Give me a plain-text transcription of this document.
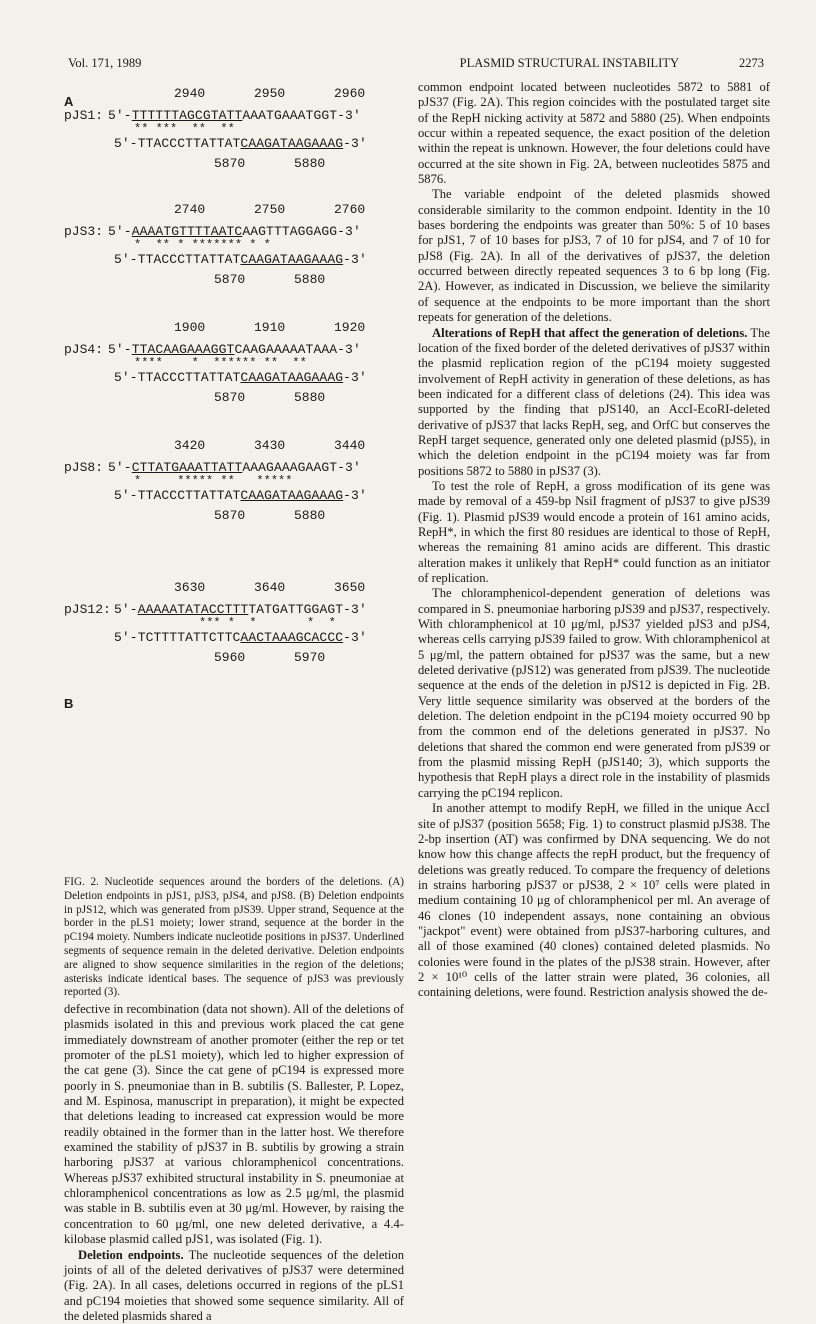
Vol. 171, 1989	PLASMID STRUCTURAL INSTABILITY	2273
A
B
2940	2950	2960
pJS1: 5'-TTTTTTAGCGTATTAAATGAAATGGT-3'
** ***  **  **
5'-TTACCCTTATTATCAAGATAAGAAAG-3'
5870	5880
2740	2750	2760
pJS3: 5'-AAAATGTTTTAATCAAGTTTAGGAGG-3'
*  ** * ******* * *
5'-TTACCCTTATTATCAAGATAAGAAAG-3'
5870	5880
1900	1910	1920
pJS4: 5'-TTACAAGAAAGGTCAAGAAAAATAAA-3'
****    *  ****** **  **
5'-TTACCCTTATTATCAAGATAAGAAAG-3'
5870	5880
3420	3430	3440
pJS8: 5'-CTTATGAAATTATTAAAGAAAGAAGT-3'
*     ***** **   *****
5'-TTACCCTTATTATCAAGATAAGAAAG-3'
5870	5880
3630	3640	3650
pJS12: 5'-AAAAATATACCTTTTATGATTGGAGT-3'
*** *  *       *  *
5'-TCTTTTATTCTTCAACTAAAGCACCC-3'
5960	5970
FIG. 2. Nucleotide sequences around the borders of the deletions. (A) Deletion endpoints in pJS1, pJS3, pJS4, and pJS8. (B) Deletion endpoints in pJS12, which was generated from pJS39. Upper strand, Sequence at the border in the pLS1 moiety; lower strand, sequence at the border in the pC194 moiety. Numbers indicate nucleotide positions in pJS37. Underlined segments of sequence remain in the deleted derivative. Deletion endpoints are aligned to show sequence similarities in the region of the deletions; asterisks indicate identical bases. The sequence of pJS3 was previously reported (3).

defective in recombination (data not shown). All of the deletions of plasmids isolated in this and previous work placed the cat gene immediately downstream of another promoter (either the rep or tet promoter of the pLS1 moiety), which led to higher expression of the cat gene (3). Since the cat gene of pC194 is expressed more poorly in S. pneumoniae than in B. subtilis (S. Ballester, P. Lopez, and M. Espinosa, manuscript in preparation), it might be expected that deletions leading to increased cat expression would be more readily obtained in the former than in the latter host. We therefore examined the stability of pJS37 in B. subtilis by growing a strain harboring pJS37 at various chloramphenicol concentrations. Whereas pJS37 exhibited structural instability in S. pneumoniae at chloramphenicol concentrations as low as 2.5 μg/ml, the plasmid was stable in B. subtilis even at 30 μg/ml. However, by raising the concentration to 60 μg/ml, one new deleted derivative, a 4.4-kilobase plasmid called pJS1, was isolated (Fig. 1).

Deletion endpoints. The nucleotide sequences of the deletion joints of all of the deleted derivatives of pJS37 were determined (Fig. 2A). In all cases, deletions occurred in regions of the pLS1 and pC194 moieties that showed some sequence similarity. All of the deleted plasmids shared a

common endpoint located between nucleotides 5872 to 5881 of pJS37 (Fig. 2A). This region coincides with the postulated target site of the RepH nicking activity at 5872 and 5880 (25). When endpoints occur within a repeated sequence, the exact position of the deletion within the repeat is unknown. However, the four deletions could have occurred at the site shown in Fig. 2A, between nucleotides 5875 and 5876.

The variable endpoint of the deleted plasmids showed considerable similarity to the common endpoint. Identity in the 10 bases bordering the endpoints was greater than 50%: 5 of 10 bases for pJS1, 7 of 10 bases for pJS3, 7 of 10 for pJS4, and 7 of 10 for pJS8 (Fig. 2A). In all of the derivatives of pJS37, the deletion occurred between directly repeated sequences 3 to 6 bp long (Fig. 2A). However, as indicated in Discussion, we believe the similarity of sequence at the endpoints to be more important than the short repeats for generation of the deletions.

Alterations of RepH that affect the generation of deletions. The location of the fixed border of the deleted derivatives of pJS37 within the plasmid replication region of the pC194 moiety suggested involvement of RepH activity in generation of these deletions, as has been indicated for a different class of deletions (24). This idea was supported by the finding that pJS140, an AccI-EcoRI-deleted derivative of pJS37 that lacks RepH, seg, and OrfC but conserves the RepH target sequence, generated only one deleted plasmid (pJS5), in which the deletion endpoint in the pC194 moiety was far from positions 5872 to 5880 in pJS37 (3).

To test the role of RepH, a gross modification of its gene was made by removal of a 459-bp NsiI fragment of pJS37 to give pJS39 (Fig. 1). Plasmid pJS39 would encode a protein of 161 amino acids, RepH*, in which the first 80 residues are identical to those of RepH, whereas the remaining 81 amino acids are different. This drastic alteration makes it unlikely that RepH* could function as an initiator of replication.

The chloramphenicol-dependent generation of deletions was compared in S. pneumoniae harboring pJS39 and pJS37, respectively. With chloramphenicol at 10 μg/ml, pJS37 yielded pJS3 and pJS4, whereas cells carrying pJS39 failed to grow. With chloramphenicol at 5 μg/ml, the pattern obtained for pJS37 was the same, but a new deleted derivative (pJS12) was generated from pJS39. The nucleotide sequence at the ends of the deletion in pJS12 is depicted in Fig. 2B. Very little sequence similarity was observed at the borders of the deletion. The deletion endpoint in the pC194 moiety occurred 90 bp from the common end of the deletions generated in pJS37. No deletions that shared the common end were generated from pJS39 or from the plasmid missing RepH (pJS140; 3), which supports the hypothesis that RepH plays a direct role in the instability of plasmids carrying the pC194 replicon.

In another attempt to modify RepH, we filled in the unique AccI site of pJS37 (position 5658; Fig. 1) to construct plasmid pJS38. The 2-bp insertion (AT) was confirmed by DNA sequencing. We do not know how this change affects the repH product, but the frequency of deletions was greatly reduced. To compare the frequency of deletions in strains harboring pJS37 or pJS38, 2 × 10⁷ cells were plated in medium containing 10 μg of chloramphenicol per ml. An average of 46 clones (10 independent assays, none containing an obvious "jackpot" event) were obtained from pJS37-harboring cultures, and all of those examined (40 clones) contained deleted plasmids. No colonies were found in the plates of the pJS38 strain. However, after 2 × 10¹⁰ cells of the latter strain were plated, 36 colonies, all containing deletions, were found. Restriction analysis showed the de-
